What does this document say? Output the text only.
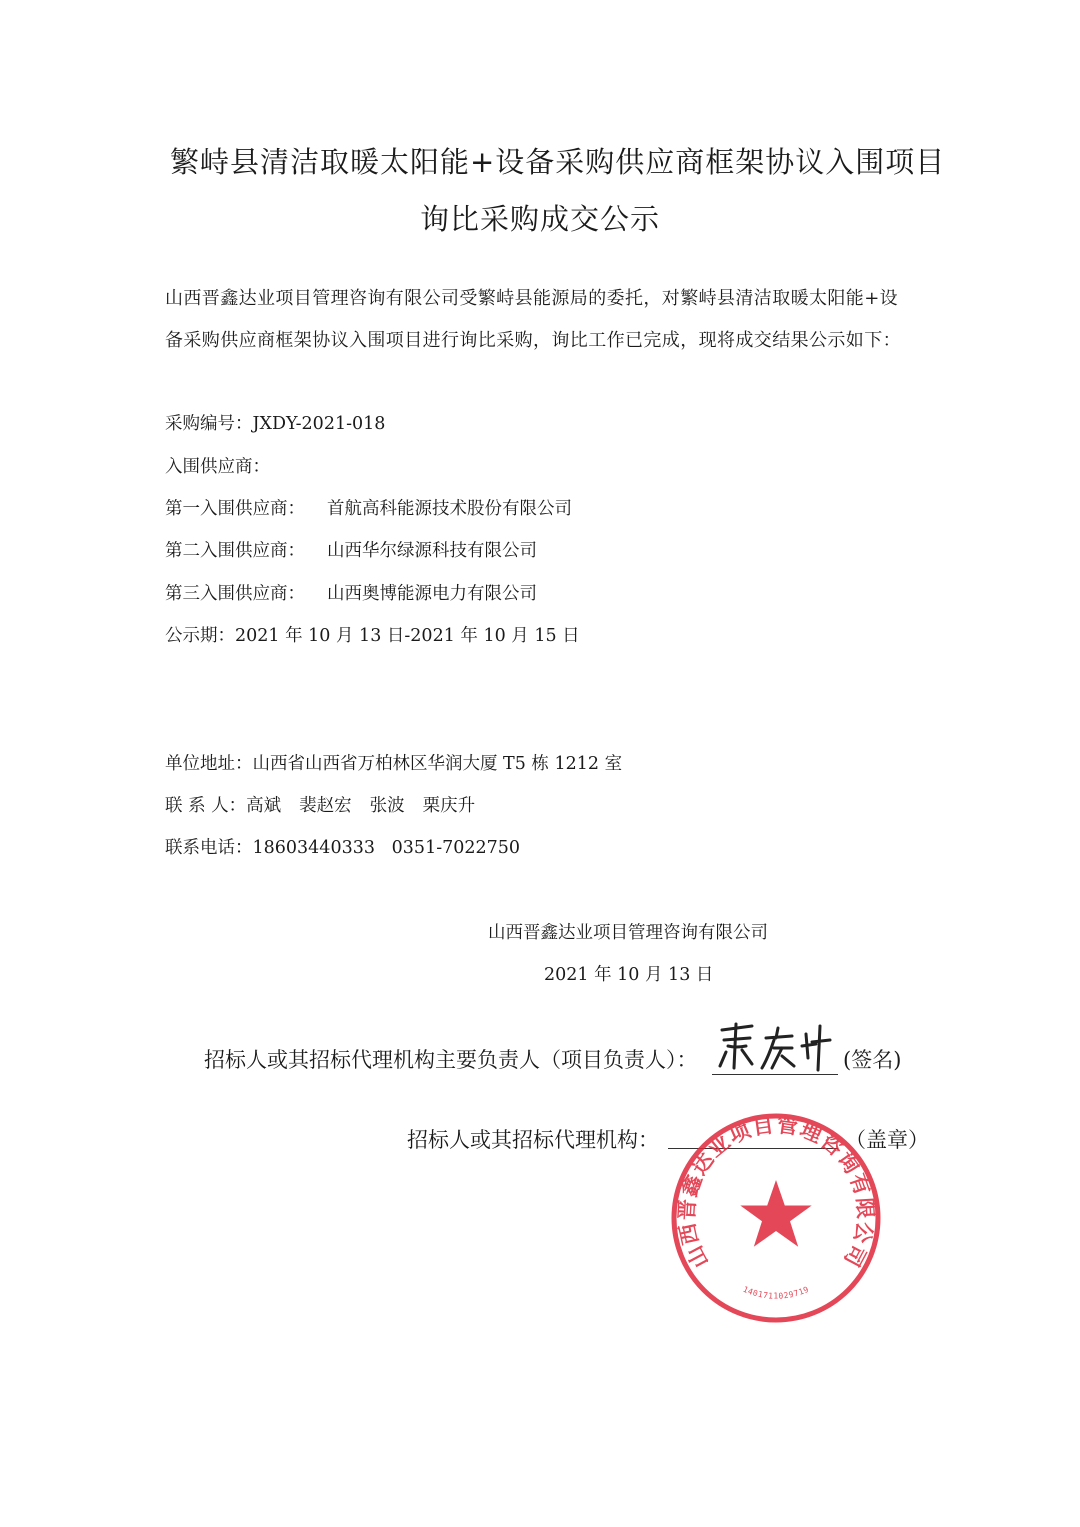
繁峙县清洁取暖太阳能+设备采购供应商框架协议入围项目
询比采购成交公示
山西晋鑫达业项目管理咨询有限公司受繁峙县能源局的委托，对繁峙县清洁取暖太阳能+设
备采购供应商框架协议入围项目进行询比采购，询比工作已完成，现将成交结果公示如下：
采购编号：JXDY-2021-018
入围供应商：
第一入围供应商： 首航高科能源技术股份有限公司
第二入围供应商： 山西华尔绿源科技有限公司
第三入围供应商： 山西奥博能源电力有限公司
公示期：2021 年 10 月 13 日-2021 年 10 月 15 日
单位地址：山西省山西省万柏林区华润大厦 T5 栋 1212 室
联 系 人：高斌 裴赵宏 张波 栗庆升
联系电话：18603440333   0351-7022750
山西晋鑫达业项目管理咨询有限公司
2021 年 10 月 13 日
招标人或其招标代理机构主要负责人（项目负责人）：	(签名)
招标人或其招标代理机构：	（盖章）
山西晋鑫达业项目管理咨询有限公司
1401711029719
